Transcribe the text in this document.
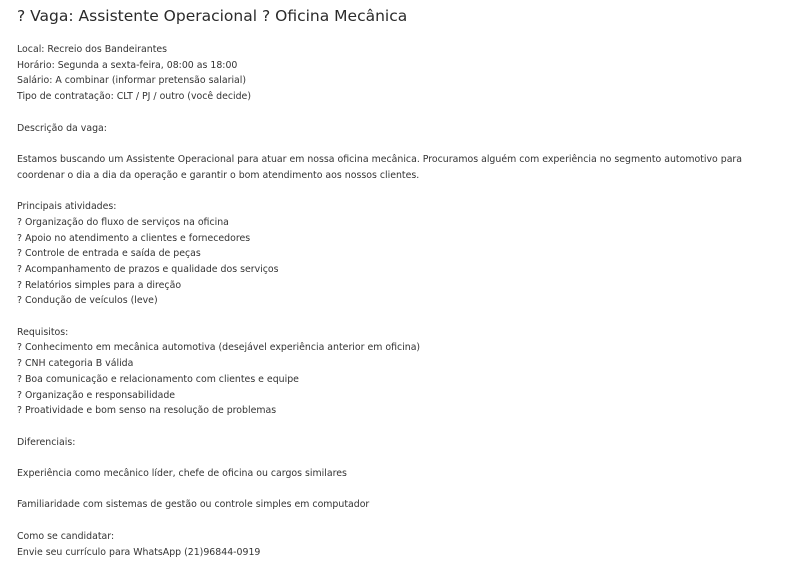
? Vaga: Assistente Operacional ? Oficina Mecânica
Local: Recreio dos Bandeirantes
Horário: Segunda a sexta-feira, 08:00 as 18:00
Salário: A combinar (informar pretensão salarial)
Tipo de contratação: CLT / PJ / outro (você decide)
Descrição da vaga:
Estamos buscando um Assistente Operacional para atuar em nossa oficina mecânica. Procuramos alguém com experiência no segmento automotivo para coordenar o dia a dia da operação e garantir o bom atendimento aos nossos clientes.
Principais atividades:
? Organização do fluxo de serviços na oficina
? Apoio no atendimento a clientes e fornecedores
? Controle de entrada e saída de peças
? Acompanhamento de prazos e qualidade dos serviços
? Relatórios simples para a direção
? Condução de veículos (leve)
Requisitos:
? Conhecimento em mecânica automotiva (desejável experiência anterior em oficina)
? CNH categoria B válida
? Boa comunicação e relacionamento com clientes e equipe
? Organização e responsabilidade
? Proatividade e bom senso na resolução de problemas
Diferenciais:
Experiência como mecânico líder, chefe de oficina ou cargos similares
Familiaridade com sistemas de gestão ou controle simples em computador
Como se candidatar:
Envie seu currículo para WhatsApp (21)96844-0919
